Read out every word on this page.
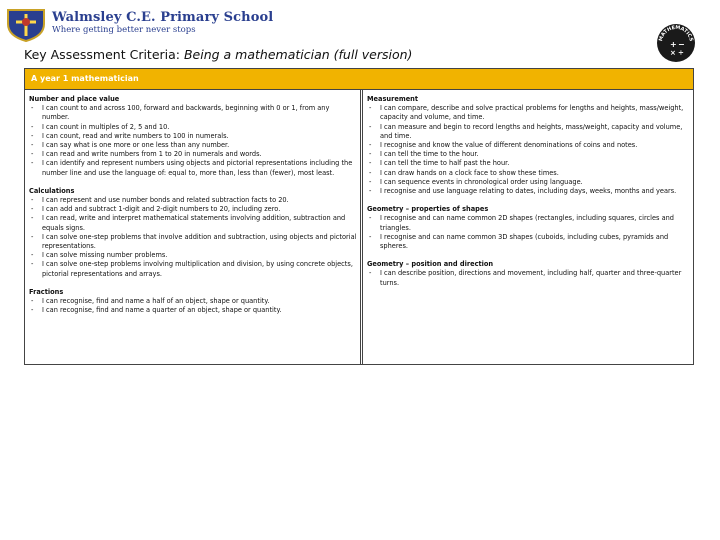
Walmsley C.E. Primary School
Where getting better never stops
MATHEMATICS
+ −
× ÷
Key Assessment Criteria: Being a mathematician (full version)
A year 1 mathematician
Number and place value
- I can count to and across 100, forward and backwards, beginning with 0 or 1, from any number.
- I can count in multiples of 2, 5 and 10.
- I can count, read and write numbers to 100 in numerals.
- I can say what is one more or one less than any number.
- I can read and write numbers from 1 to 20 in numerals and words.
- I can identify and represent numbers using objects and pictorial representations including the number line and use the language of: equal to, more than, less than (fewer), most least.
Calculations
- I can represent and use number bonds and related subtraction facts to 20.
- I can add and subtract 1-digit and 2-digit numbers to 20, including zero.
- I can read, write and interpret mathematical statements involving addition, subtraction and equals signs.
- I can solve one-step problems that involve addition and subtraction, using objects and pictorial representations.
- I can solve missing number problems.
- I can solve one-step problems involving multiplication and division, by using concrete objects, pictorial representations and arrays.
Fractions
- I can recognise, find and name a half of an object, shape or quantity.
- I can recognise, find and name a quarter of an object, shape or quantity.
Measurement
- I can compare, describe and solve practical problems for lengths and heights, mass/weight, capacity and volume, and time.
- I can measure and begin to record lengths and heights, mass/weight, capacity and volume, and time.
- I recognise and know the value of different denominations of coins and notes.
- I can tell the time to the hour.
- I can tell the time to half past the hour.
- I can draw hands on a clock face to show these times.
- I can sequence events in chronological order using language.
- I recognise and use language relating to dates, including days, weeks, months and years.
Geometry – properties of shapes
- I recognise and can name common 2D shapes (rectangles, including squares, circles and triangles.
- I recognise and can name common 3D shapes (cuboids, including cubes, pyramids and spheres.
Geometry – position and direction
- I can describe position, directions and movement, including half, quarter and three-quarter turns.
